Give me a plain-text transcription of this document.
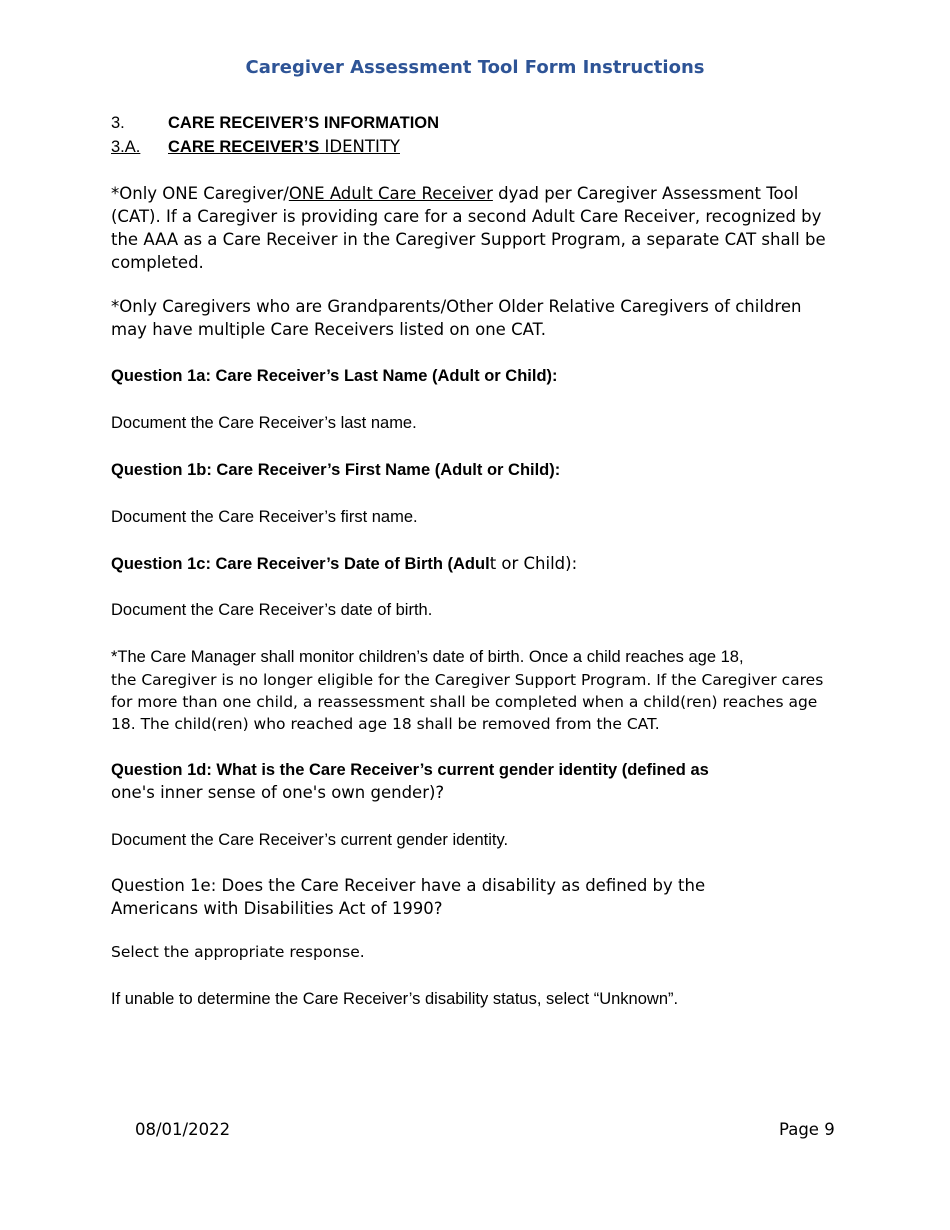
Caregiver Assessment Tool Form Instructions
3.	CARE RECEIVER’S INFORMATION
3.A. CARE RECEIVER’S IDENTITY
*Only ONE Caregiver/ONE Adult Care Receiver dyad per Caregiver Assessment Tool (CAT). If a Caregiver is providing care for a second Adult Care Receiver, recognized by the AAA as a Care Receiver in the Caregiver Support Program, a separate CAT shall be completed.
*Only Caregivers who are Grandparents/Other Older Relative Caregivers of children may have multiple Care Receivers listed on one CAT.
Question 1a: Care Receiver’s Last Name (Adult or Child):
Document the Care Receiver’s last name.
Question 1b: Care Receiver’s First Name (Adult or Child):
Document the Care Receiver’s first name.
Question 1c: Care Receiver’s Date of Birth (Adult or Child):
Document the Care Receiver’s date of birth.
*The Care Manager shall monitor children’s date of birth. Once a child reaches age 18,
the Caregiver is no longer eligible for the Caregiver Support Program. If the Caregiver cares for more than one child, a reassessment shall be completed when a child(ren) reaches age 18. The child(ren) who reached age 18 shall be removed from the CAT.
Question 1d: What is the Care Receiver’s current gender identity (defined as
one's inner sense of one's own gender)?
Document the Care Receiver’s current gender identity.
Question 1e: Does the Care Receiver have a disability as defined by the Americans with Disabilities Act of 1990?
Select the appropriate response.
If unable to determine the Care Receiver’s disability status, select “Unknown”.
08/01/2022	Page 9
